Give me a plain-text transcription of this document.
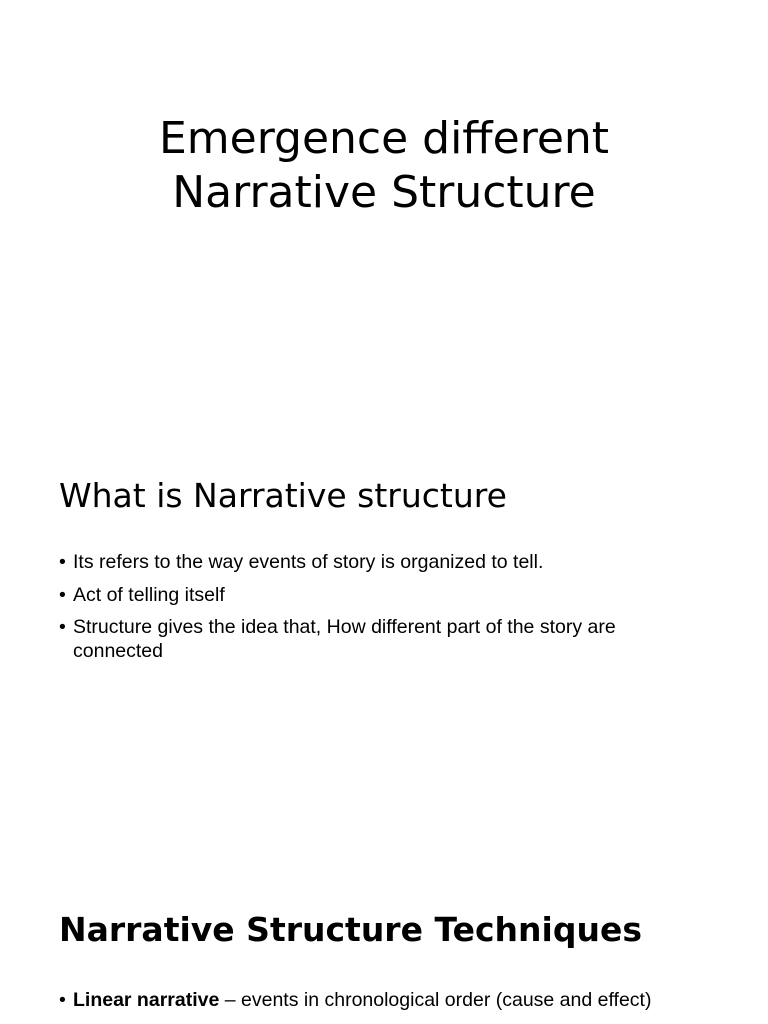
Emergence different
Narrative Structure
What is Narrative structure
• Its refers to the way events of story is organized to tell.
• Act of telling itself
• Structure gives the idea that, How different part of the story are connected
Narrative Structure Techniques
• Linear narrative – events in chronological order (cause and effect)
